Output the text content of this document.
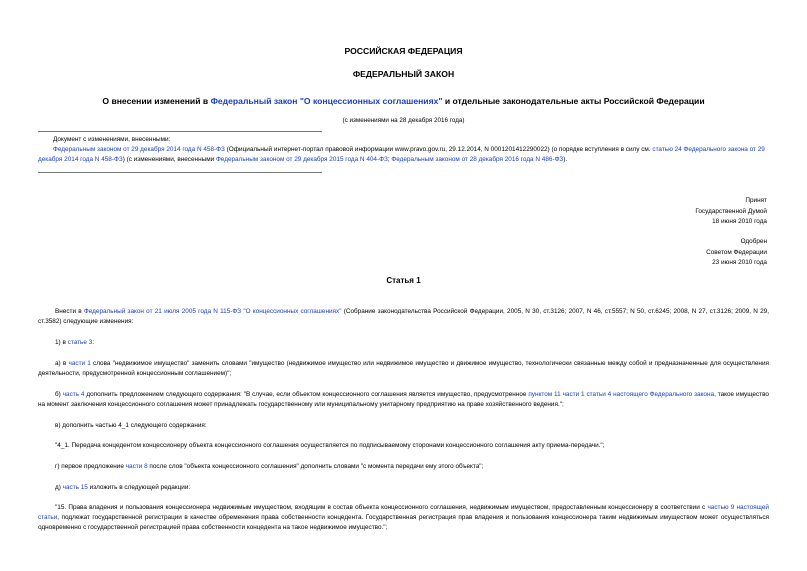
РОССИЙСКАЯ ФЕДЕРАЦИЯ
ФЕДЕРАЛЬНЫЙ ЗАКОН
О внесении изменений в Федеральный закон "О концессионных соглашениях" и отдельные законодательные акты Российской Федерации
(с изменениями на 28 декабря 2016 года)
Документ с изменениями, внесенными:
Федеральным законом от 29 декабря 2014 года N 458-ФЗ (Официальный интернет-портал правовой информации www.pravo.gov.ru, 29.12.2014, N 0001201412290022) (о порядке вступления в силу см. статью 24 Федерального закона от 29 декабря 2014 года N 458-ФЗ) (с изменениями, внесенными Федеральным законом от 29 декабря 2015 года N 404-ФЗ; Федеральным законом от 28 декабря 2016 года N 486-ФЗ).
Принят
Государственной Думой
18 июня 2010 года
Одобрен
Советом Федерации
23 июня 2010 года
Статья 1
Внести в Федеральный закон от 21 июля 2005 года N 115-ФЗ "О концессионных соглашениях" (Собрание законодательства Российской Федерации, 2005, N 30, ст.3126; 2007, N 46, ст.5557; N 50, ст.6245; 2008, N 27, ст.3126; 2009, N 29, ст.3582) следующие изменения:
1) в статье 3:
а) в части 1 слова "недвижимое имущество" заменить словами "имущество (недвижимое имущество или недвижимое имущество и движимое имущество, технологически связанные между собой и предназначенные для осуществления деятельности, предусмотренной концессионным соглашением)";
б) часть 4 дополнить предложением следующего содержания: "В случае, если объектом концессионного соглашения является имущество, предусмотренное пунктом 11 части 1 статьи 4 настоящего Федерального закона, такое имущество на момент заключения концессионного соглашения может принадлежать государственному или муниципальному унитарному предприятию на праве хозяйственного ведения.";
в) дополнить частью 4_1 следующего содержания:
"4_1. Передача концедентом концессионеру объекта концессионного соглашения осуществляется по подписываемому сторонами концессионного соглашения акту приема-передачи.";
г) первое предложение части 8 после слов "объекта концессионного соглашения" дополнить словами "с момента передачи ему этого объекта";
д) часть 15 изложить в следующей редакции:
"15. Права владения и пользования концессионера недвижимым имуществом, входящим в состав объекта концессионного соглашения, недвижимым имуществом, предоставленным концессионеру в соответствии с частью 9 настоящей статьи, подлежат государственной регистрации в качестве обременения права собственности концедента. Государственная регистрация прав владения и пользования концессионера таким недвижимым имуществом может осуществляться одновременно с государственной регистрацией права собственности концедента на такое недвижимое имущество.";
